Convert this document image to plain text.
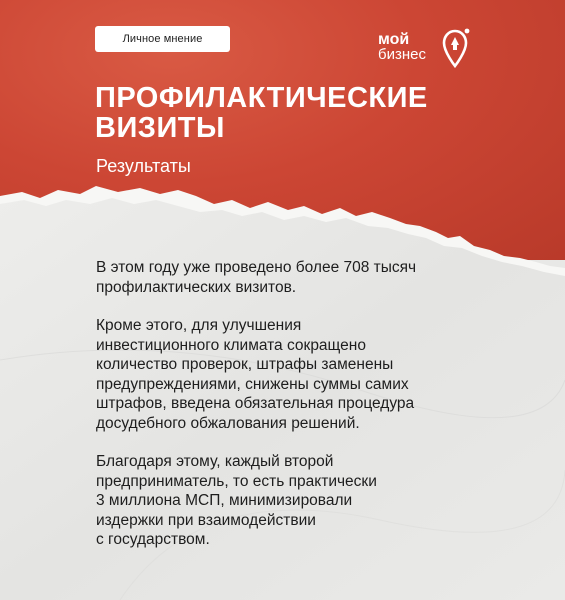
Личное мнение	мой
бизнес
ПРОФИЛАКТИЧЕСКИЕ
ВИЗИТЫ
Результаты

В этом году уже проведено более 708 тысяч
профилактических визитов.

Кроме этого, для улучшения
инвестиционного климата сокращено
количество проверок, штрафы заменены
предупреждениями, снижены суммы самих
штрафов, введена обязательная процедура
досудебного обжалования решений.

Благодаря этому, каждый второй
предприниматель, то есть практически
3 миллиона МСП, минимизировали
издержки при взаимодействии
с государством.
